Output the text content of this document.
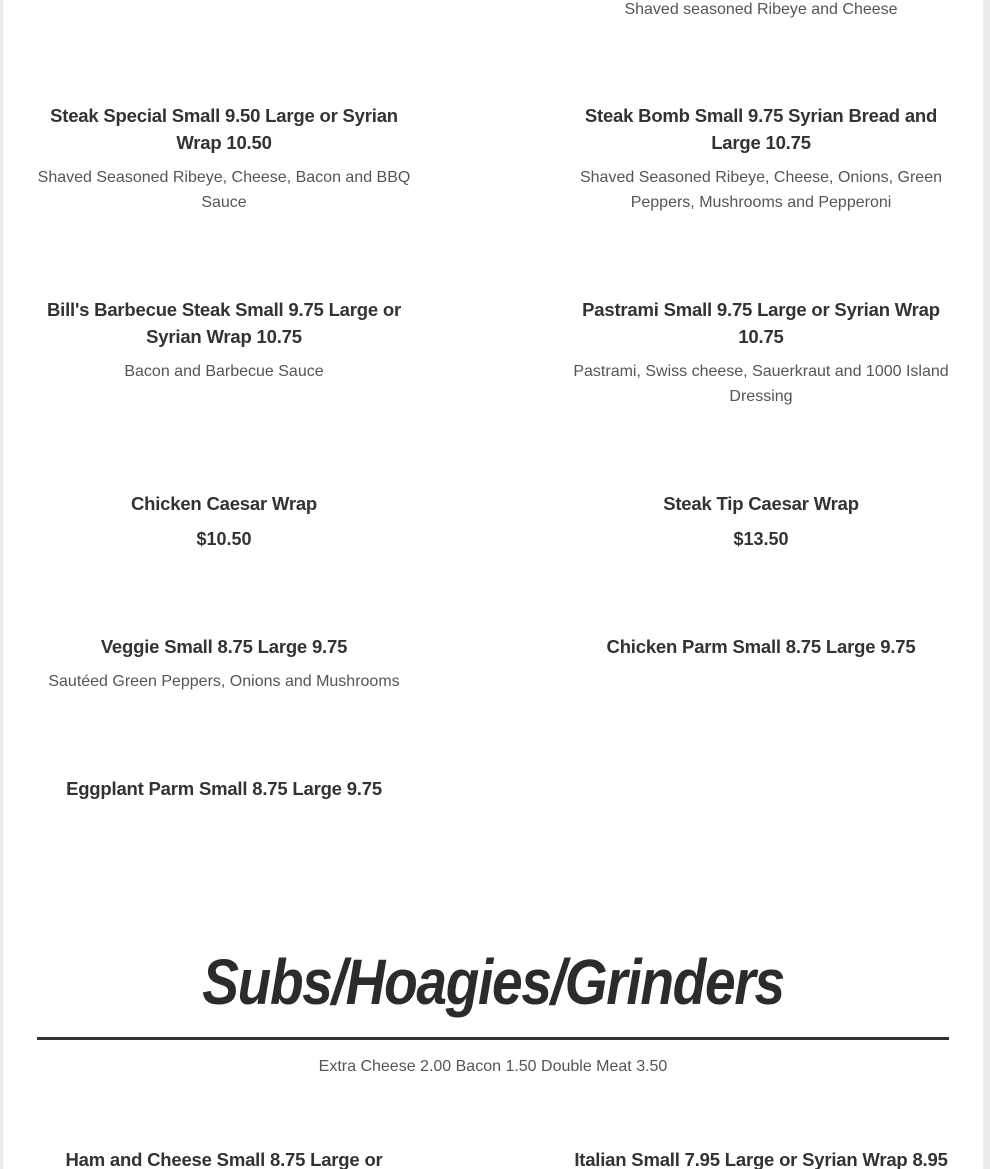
Shaved seasoned Ribeye and Cheese

Steak Special Small 9.50 Large or Syrian Wrap 10.50

Shaved Seasoned Ribeye, Cheese, Bacon and BBQ Sauce

Steak Bomb Small 9.75 Syrian Bread and Large 10.75

Shaved Seasoned Ribeye, Cheese, Onions, Green Peppers, Mushrooms and Pepperoni

Bill's Barbecue Steak Small 9.75 Large or Syrian Wrap 10.75

Bacon and Barbecue Sauce

Pastrami Small 9.75 Large or Syrian Wrap 10.75

Pastrami, Swiss cheese, Sauerkraut and 1000 Island Dressing

Chicken Caesar Wrap

$10.50

Steak Tip Caesar Wrap

$13.50

Veggie Small 8.75 Large 9.75

Sautéed Green Peppers, Onions and Mushrooms

Chicken Parm Small 8.75 Large 9.75

Eggplant Parm Small 8.75 Large 9.75

Subs/Hoagies/Grinders

Extra Cheese 2.00 Bacon 1.50 Double Meat 3.50

Ham and Cheese Small 8.75 Large or	Italian Small 7.95 Large or Syrian Wrap 8.95
